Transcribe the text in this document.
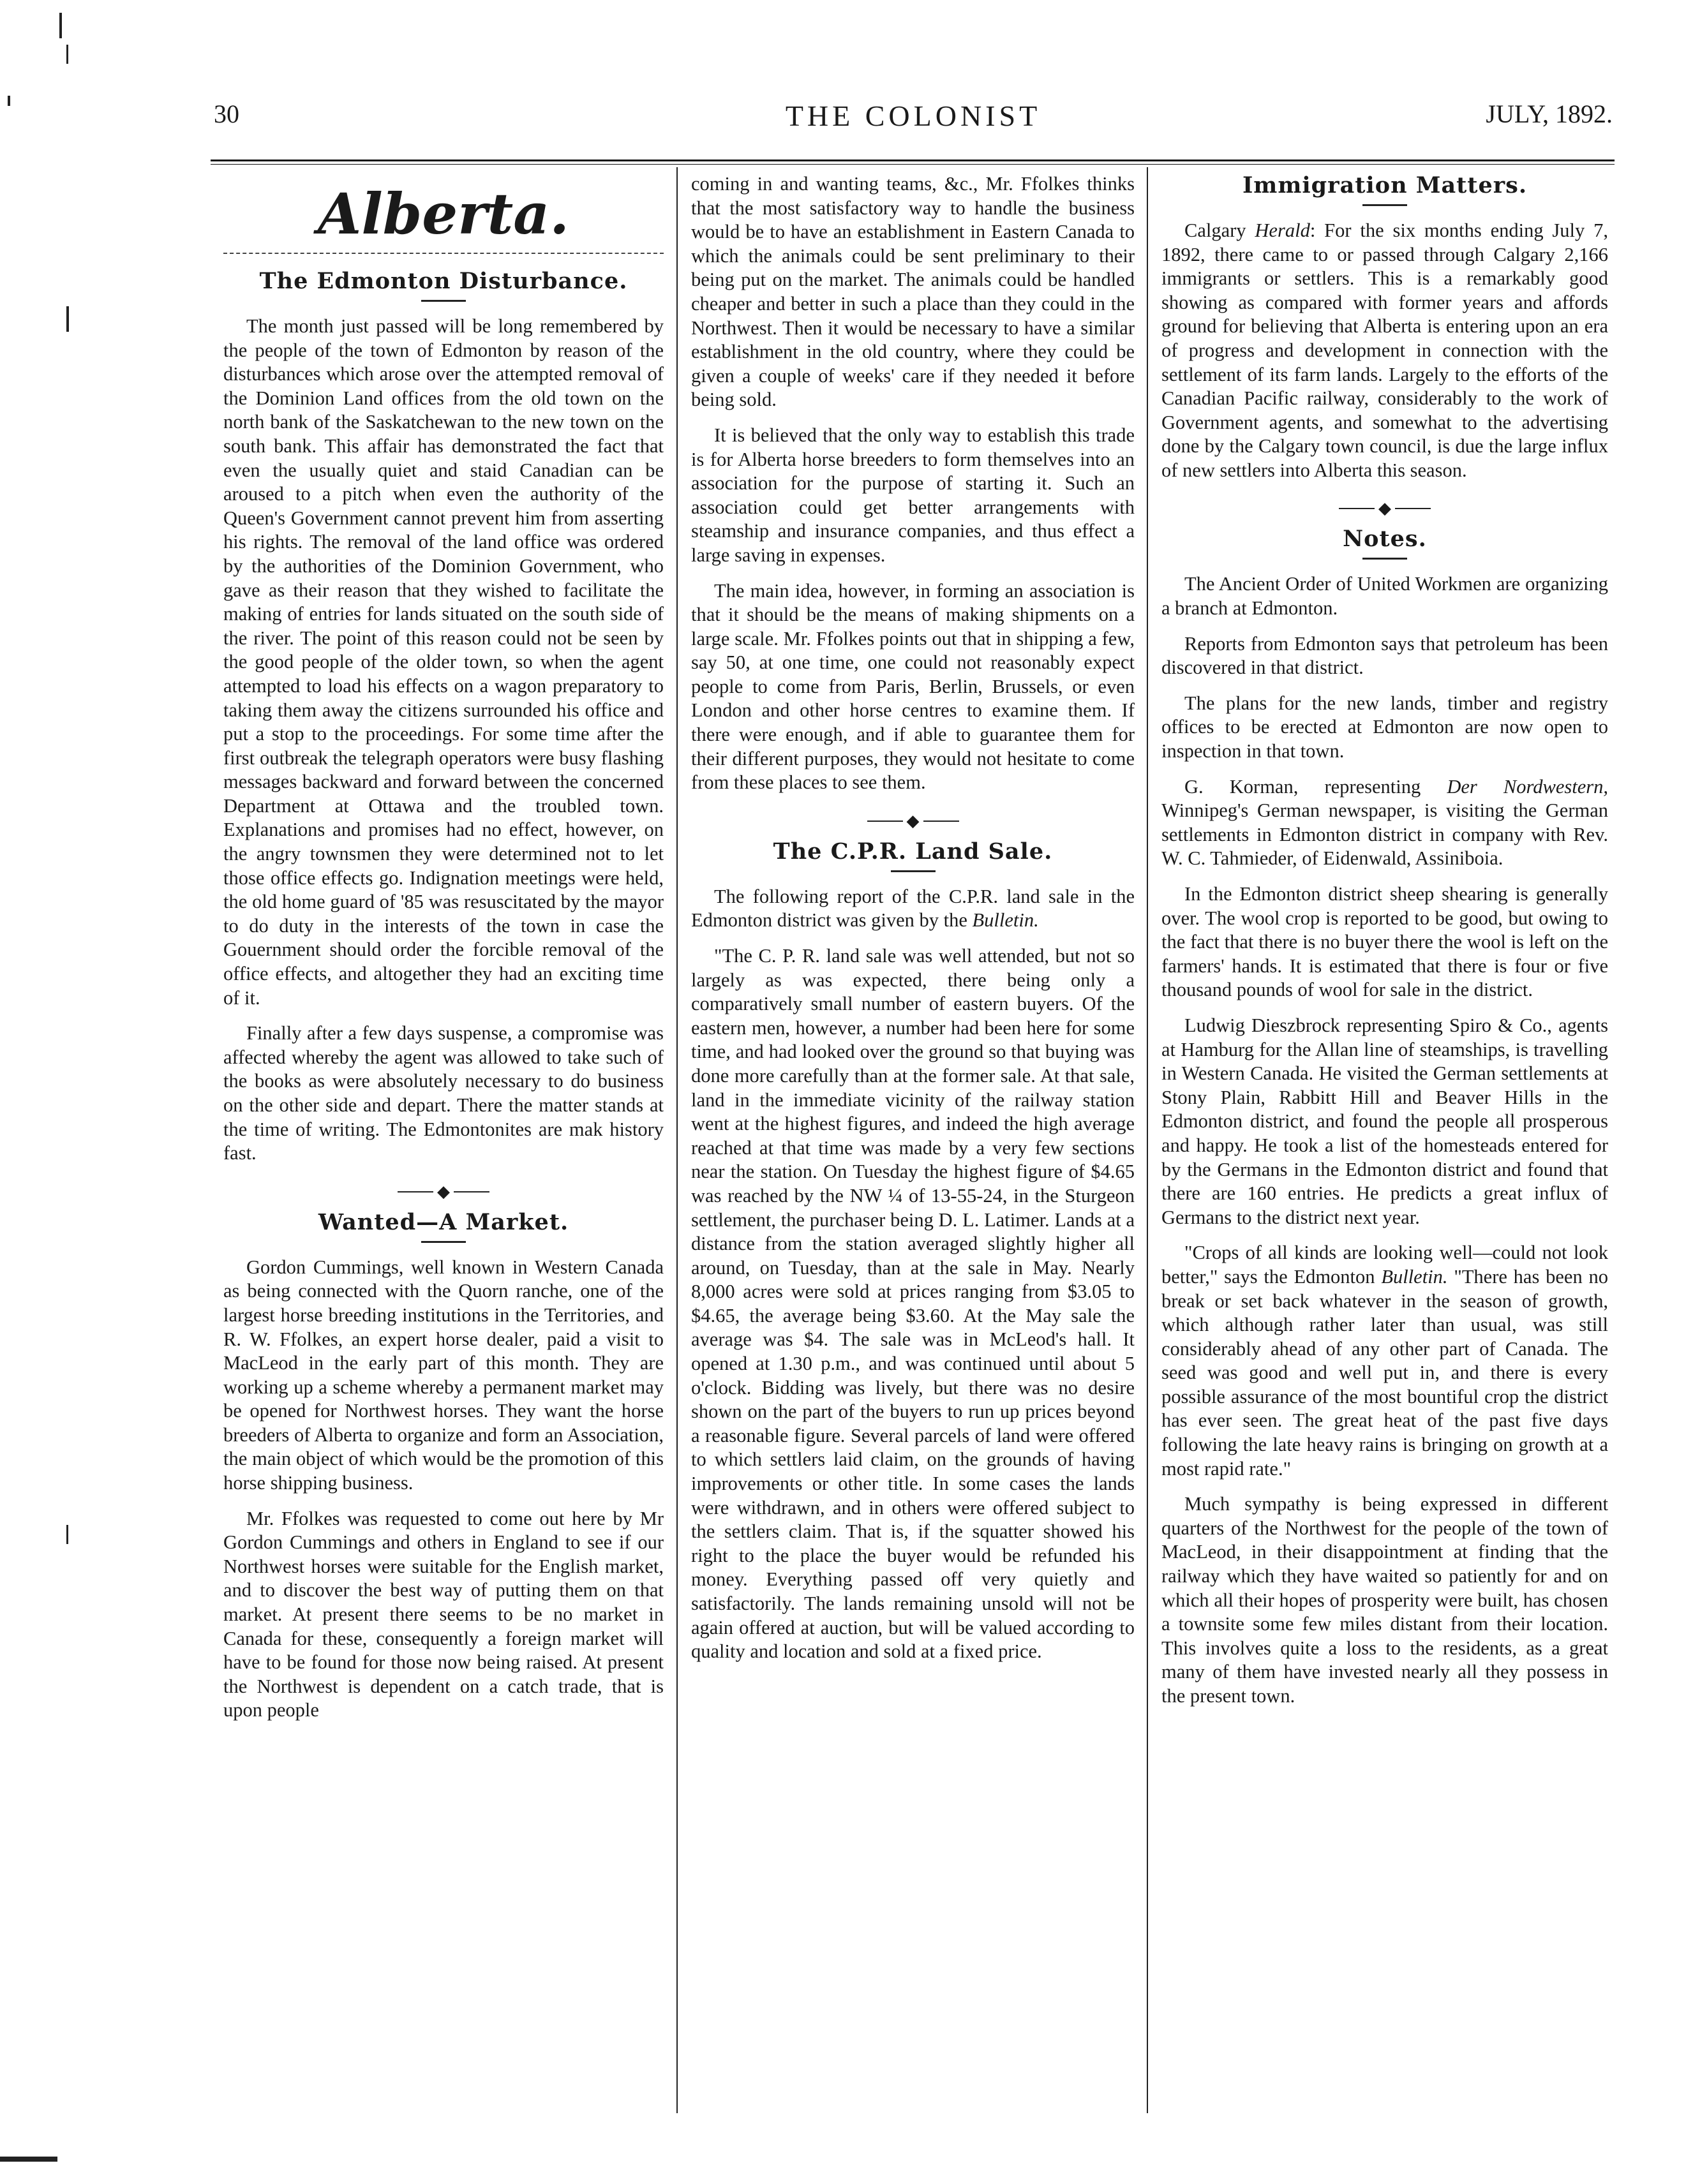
30	THE COLONIST	JULY, 1892.
Alberta.
The Edmonton Disturbance.

The month just passed will be long remembered by the people of the town of Edmonton by reason of the disturbances which arose over the attempted removal of the Dominion Land offices from the old town on the north bank of the Saskatchewan to the new town on the south bank. This affair has demonstrated the fact that even the usually quiet and staid Canadian can be aroused to a pitch when even the authority of the Queen's Government cannot prevent him from asserting his rights. The removal of the land office was ordered by the authorities of the Dominion Government, who gave as their reason that they wished to facilitate the making of entries for lands situated on the south side of the river. The point of this reason could not be seen by the good people of the older town, so when the agent attempted to load his effects on a wagon preparatory to taking them away the citizens surrounded his office and put a stop to the proceedings. For some time after the first outbreak the telegraph operators were busy flashing messages backward and forward between the concerned Department at Ottawa and the troubled town. Explanations and promises had no effect, however, on the angry townsmen they were determined not to let those office effects go. Indignation meetings were held, the old home guard of '85 was resuscitated by the mayor to do duty in the interests of the town in case the Gouernment should order the forcible removal of the office effects, and altogether they had an exciting time of it.

Finally after a few days suspense, a compromise was affected whereby the agent was allowed to take such of the books as were absolutely necessary to do business on the other side and depart. There the matter stands at the time of writing. The Edmontonites are mak history fast.

◆
Wanted—A Market.

Gordon Cummings, well known in Western Canada as being connected with the Quorn ranche, one of the largest horse breeding institutions in the Territories, and R. W. Ffolkes, an expert horse dealer, paid a visit to MacLeod in the early part of this month. They are working up a scheme whereby a permanent market may be opened for Northwest horses. They want the horse breeders of Alberta to organize and form an Association, the main object of which would be the promotion of this horse shipping business.

Mr. Ffolkes was requested to come out here by Mr Gordon Cummings and others in England to see if our Northwest horses were suitable for the English market, and to discover the best way of putting them on that market. At present there seems to be no market in Canada for these, consequently a foreign market will have to be found for those now being raised. At present the Northwest is dependent on a catch trade, that is upon people

coming in and wanting teams, &c., Mr. Ffolkes thinks that the most satisfactory way to handle the business would be to have an establishment in Eastern Canada to which the animals could be sent preliminary to their being put on the market. The animals could be handled cheaper and better in such a place than they could in the Northwest. Then it would be necessary to have a similar establishment in the old country, where they could be given a couple of weeks' care if they needed it before being sold.

It is believed that the only way to establish this trade is for Alberta horse breeders to form themselves into an association for the purpose of starting it. Such an association could get better arrangements with steamship and insurance companies, and thus effect a large saving in expenses.

The main idea, however, in forming an association is that it should be the means of making shipments on a large scale. Mr. Ffolkes points out that in shipping a few, say 50, at one time, one could not reasonably expect people to come from Paris, Berlin, Brussels, or even London and other horse centres to examine them. If there were enough, and if able to guarantee them for their different purposes, they would not hesitate to come from these places to see them.

◆
The C.P.R. Land Sale.

The following report of the C.P.R. land sale in the Edmonton district was given by the Bulletin.

"The C. P. R. land sale was well attended, but not so largely as was expected, there being only a comparatively small number of eastern buyers. Of the eastern men, however, a number had been here for some time, and had looked over the ground so that buying was done more carefully than at the former sale. At that sale, land in the immediate vicinity of the railway station went at the highest figures, and indeed the high average reached at that time was made by a very few sections near the station. On Tuesday the highest figure of $4.65 was reached by the NW ¼ of 13-55-24, in the Sturgeon settlement, the purchaser being D. L. Latimer. Lands at a distance from the station averaged slightly higher all around, on Tuesday, than at the sale in May. Nearly 8,000 acres were sold at prices ranging from $3.05 to $4.65, the average being $3.60. At the May sale the average was $4. The sale was in McLeod's hall. It opened at 1.30 p.m., and was continued until about 5 o'clock. Bidding was lively, but there was no desire shown on the part of the buyers to run up prices beyond a reasonable figure. Several parcels of land were offered to which settlers laid claim, on the grounds of having improvements or other title. In some cases the lands were withdrawn, and in others were offered subject to the settlers claim. That is, if the squatter showed his right to the place the buyer would be refunded his money. Everything passed off very quietly and satisfactorily. The lands remaining unsold will not be again offered at auction, but will be valued according to quality and location and sold at a fixed price.

Immigration Matters.

Calgary Herald: For the six months ending July 7, 1892, there came to or passed through Calgary 2,166 immigrants or settlers. This is a remarkably good showing as compared with former years and affords ground for believing that Alberta is entering upon an era of progress and development in connection with the settlement of its farm lands. Largely to the efforts of the Canadian Pacific railway, considerably to the work of Government agents, and somewhat to the advertising done by the Calgary town council, is due the large influx of new settlers into Alberta this season.

◆
Notes.

The Ancient Order of United Workmen are organizing a branch at Edmonton.

Reports from Edmonton says that petroleum has been discovered in that district.

The plans for the new lands, timber and registry offices to be erected at Edmonton are now open to inspection in that town.

G. Korman, representing Der Nordwestern, Winnipeg's German newspaper, is visiting the German settlements in Edmonton district in company with Rev. W. C. Tahmieder, of Eidenwald, Assiniboia.

In the Edmonton district sheep shearing is generally over. The wool crop is reported to be good, but owing to the fact that there is no buyer there the wool is left on the farmers' hands. It is estimated that there is four or five thousand pounds of wool for sale in the district.

Ludwig Dieszbrock representing Spiro & Co., agents at Hamburg for the Allan line of steamships, is travelling in Western Canada. He visited the German settlements at Stony Plain, Rabbitt Hill and Beaver Hills in the Edmonton district, and found the people all prosperous and happy. He took a list of the homesteads entered for by the Germans in the Edmonton district and found that there are 160 entries. He predicts a great influx of Germans to the district next year.

"Crops of all kinds are looking well—could not look better," says the Edmonton Bulletin. "There has been no break or set back whatever in the season of growth, which although rather later than usual, was still considerably ahead of any other part of Canada. The seed was good and well put in, and there is every possible assurance of the most bountiful crop the district has ever seen. The great heat of the past five days following the late heavy rains is bringing on growth at a most rapid rate."

Much sympathy is being expressed in different quarters of the Northwest for the people of the town of MacLeod, in their disappointment at finding that the railway which they have waited so patiently for and on which all their hopes of prosperity were built, has chosen a townsite some few miles distant from their location. This involves quite a loss to the residents, as a great many of them have invested nearly all they possess in the present town.
